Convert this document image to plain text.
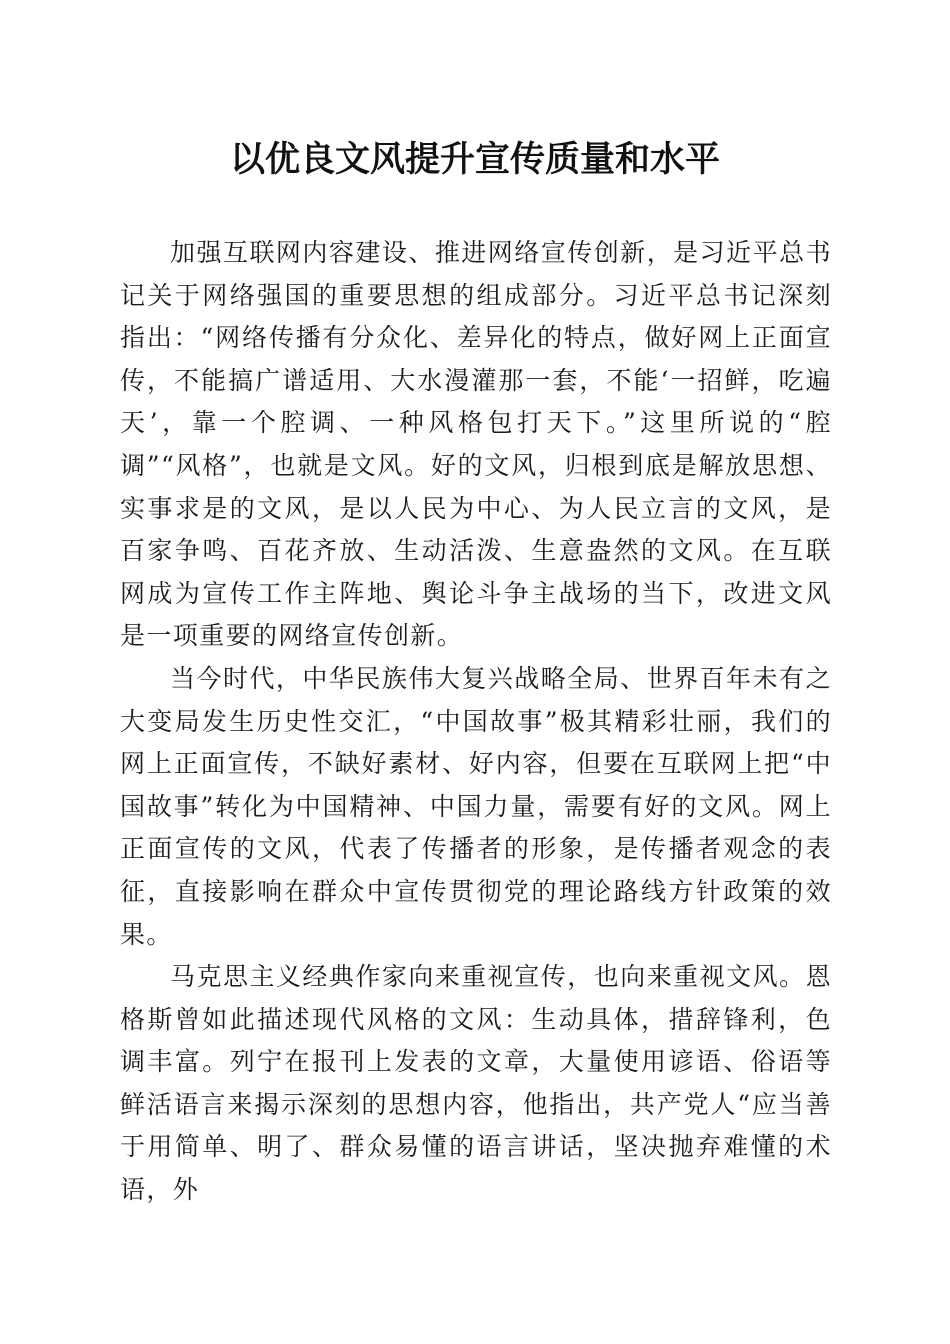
以优良文风提升宣传质量和水平

加强互联网内容建设、推进网络宣传创新，是习近平总书记关于网络强国的重要思想的组成部分。习近平总书记深刻指出：“网络传播有分众化、差异化的特点，做好网上正面宣传，不能搞广谱适用、大水漫灌那一套，不能‘一招鲜，吃遍天’，靠一个腔调、一种风格包打天下。”这里所说的“腔调”“风格”，也就是文风。好的文风，归根到底是解放思想、实事求是的文风，是以人民为中心、为人民立言的文风，是百家争鸣、百花齐放、生动活泼、生意盎然的文风。在互联网成为宣传工作主阵地、舆论斗争主战场的当下，改进文风是一项重要的网络宣传创新。

当今时代，中华民族伟大复兴战略全局、世界百年未有之大变局发生历史性交汇，“中国故事”极其精彩壮丽，我们的网上正面宣传，不缺好素材、好内容，但要在互联网上把“中国故事”转化为中国精神、中国力量，需要有好的文风。网上正面宣传的文风，代表了传播者的形象，是传播者观念的表征，直接影响在群众中宣传贯彻党的理论路线方针政策的效果。

马克思主义经典作家向来重视宣传，也向来重视文风。恩格斯曾如此描述现代风格的文风：生动具体，措辞锋利，色调丰富。列宁在报刊上发表的文章，大量使用谚语、俗语等鲜活语言来揭示深刻的思想内容，他指出，共产党人“应当善于用简单、明了、群众易懂的语言讲话，坚决抛弃难懂的术语，外
